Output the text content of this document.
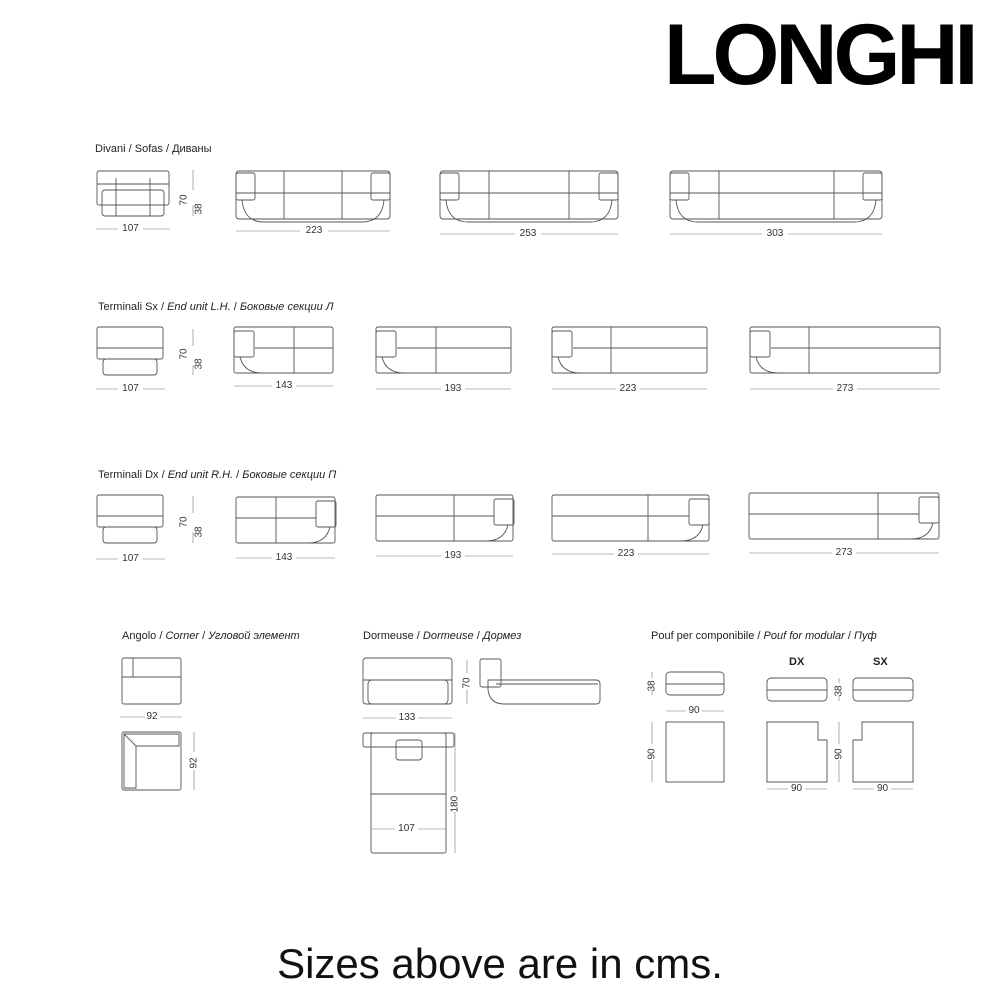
LONGHI
Divani / Sofas / Диваны
Terminali Sx / End unit L.H. / Боковые секции Л
Terminali Dx / End unit R.H. / Боковые секции П
Angolo / Corner / Угловой элемент	Dormeuse / Dormeuse / Дормез	Pouf per componibile / Pouf for modular / Пуф
107
70
38
223	253	303
107
70
38
143	193	223	273
107
70
38
143	193	223	273
92
92
133
70
107
180
DX	SX
38
90
90
38
90
90	90
Sizes above are in cms.
